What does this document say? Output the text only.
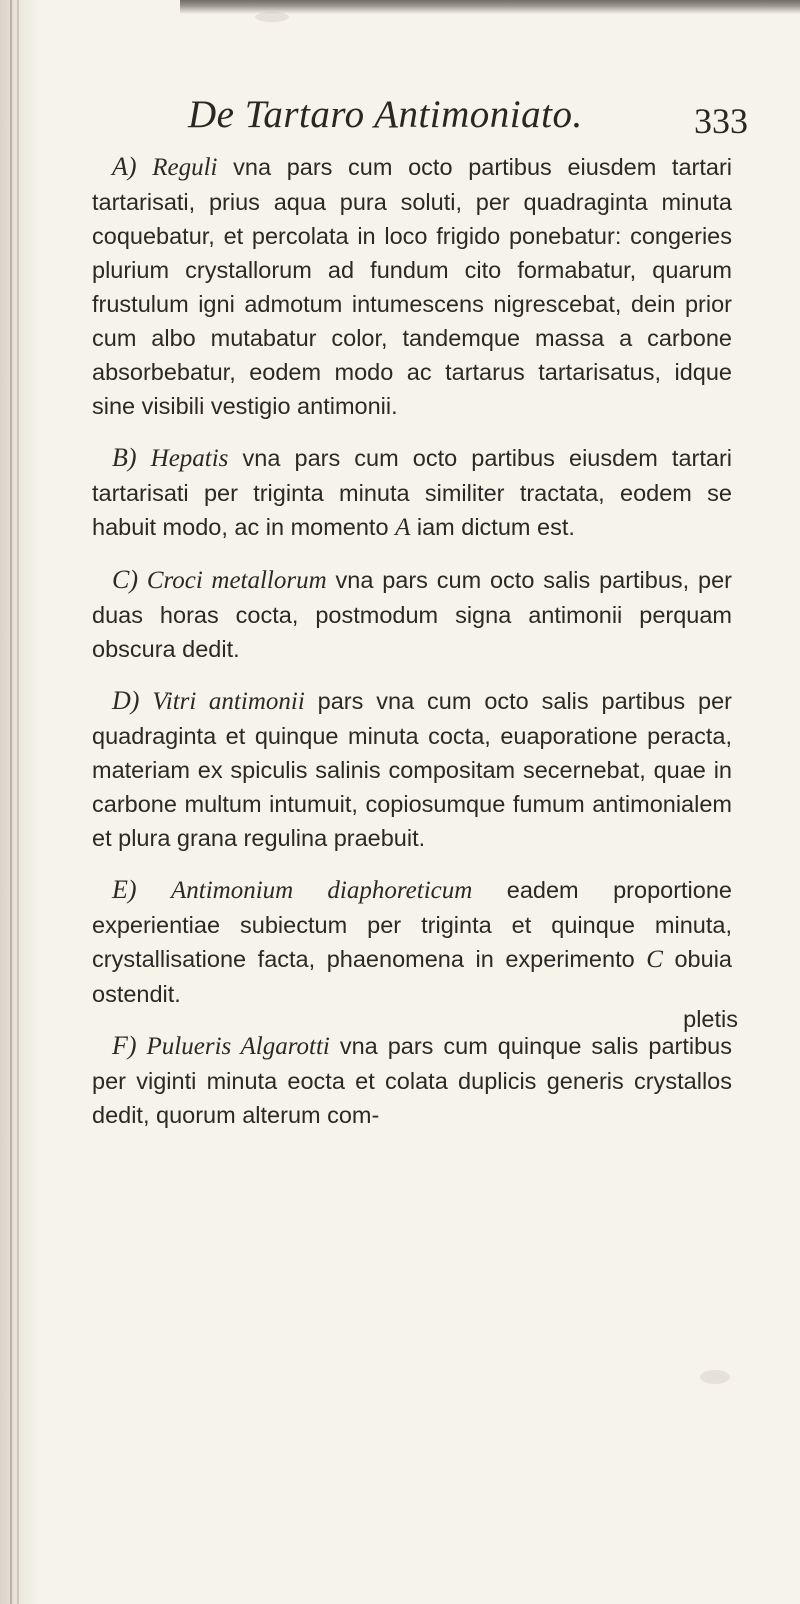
De Tartaro Antimoniato.	333

A) Reguli vna pars cum octo partibus eiusdem tartari tartarisati, prius aqua pura soluti, per quadraginta minuta coquebatur, et percolata in loco frigido ponebatur: congeries plurium crystallorum ad fundum cito formabatur, quarum frustulum igni admotum intumescens nigrescebat, dein prior cum albo mutabatur color, tandemque massa a carbone absorbebatur, eodem modo ac tartarus tartarisatus, idque sine visibili vestigio antimonii.

B) Hepatis vna pars cum octo partibus eiusdem tartari tartarisati per triginta minuta similiter tractata, eodem se habuit modo, ac in momento A iam dictum est.

C) Croci metallorum vna pars cum octo salis partibus, per duas horas cocta, postmodum signa antimonii perquam obscura dedit.

D) Vitri antimonii pars vna cum octo salis partibus per quadraginta et quinque minuta cocta, euaporatione peracta, materiam ex spiculis salinis compositam secernebat, quae in carbone multum intumuit, copiosumque fumum antimonialem et plura grana regulina praebuit.

E) Antimonium diaphoreticum eadem proportione experientiae subiectum per triginta et quinque minuta, crystallisatione facta, phaenomena in experimento C obuia ostendit.

F) Pulueris Algarotti vna pars cum quinque salis partibus per viginti minuta eocta et colata duplicis generis crystallos dedit, quorum alterum com-

pletis
